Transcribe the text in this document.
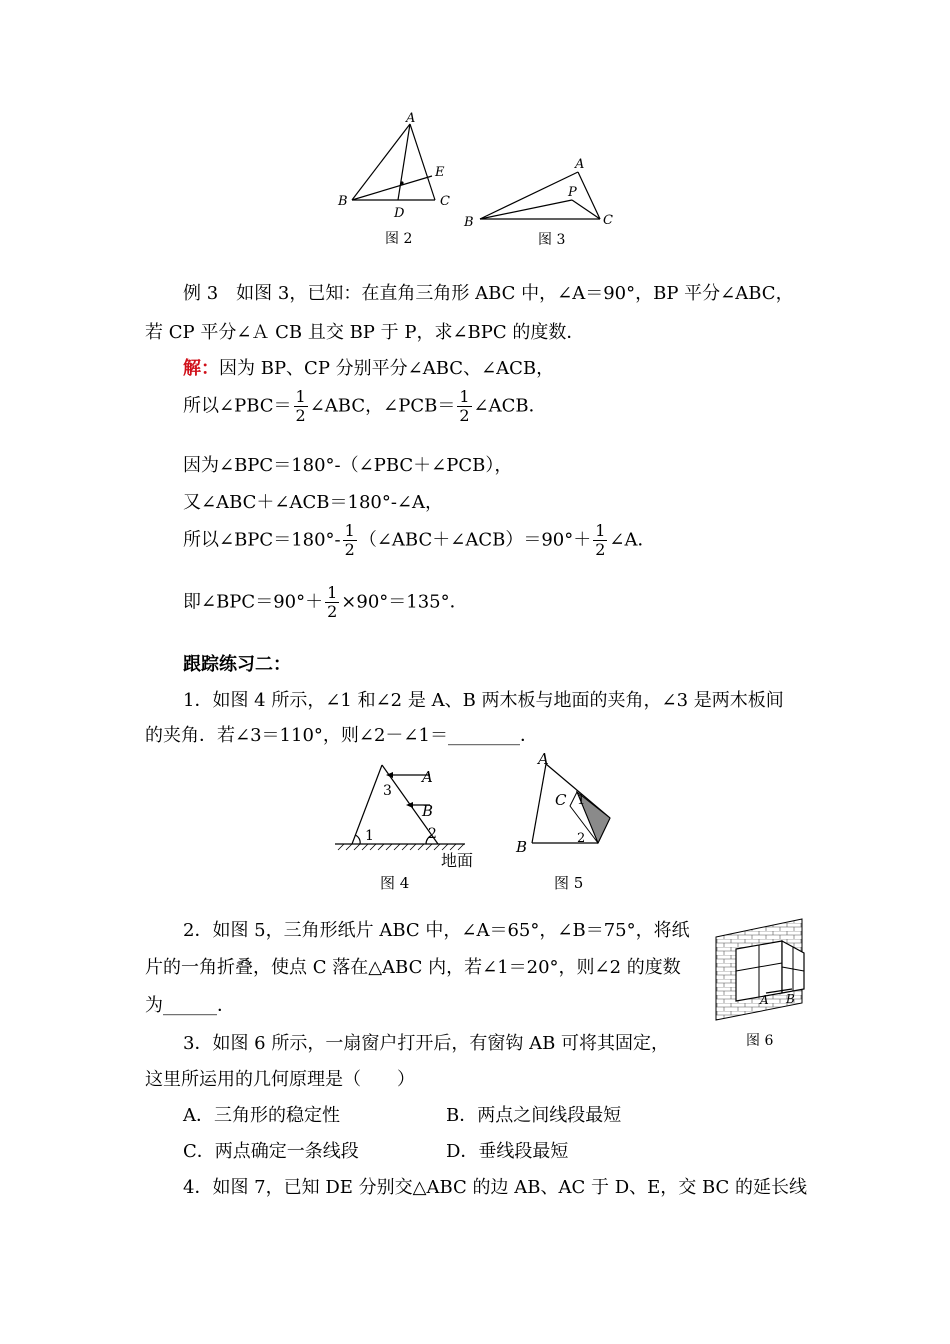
A
B	C
D
E
图 2
A
P
B	C
图 3
例 3　如图 3，已知：在直角三角形 ABC 中，∠A＝90°，BP 平分∠ABC，
若 CP 平分∠Ａ CB 且交 BP 于 P，求∠BPC 的度数．
解：因为 BP、CP 分别平分∠ABC、∠ACB，
所以∠PBC＝ $\frac{1}{2}$ ∠ABC，∠PCB＝ $\frac{1}{2}$ ∠ACB．
因为∠BPC＝180°-（∠PBC＋∠PCB），
又∠ABC＋∠ACB＝180°-∠A，
所以∠BPC＝180°- $\frac{1}{2}$ （∠ABC＋∠ACB）＝90°＋ $\frac{1}{2}$ ∠A．
即∠BPC＝90°＋ $\frac{1}{2} \times 90^\circ=135^\circ$．
跟踪练习二：
1．如图 4 所示，∠1 和∠2 是 A、B 两木板与地面的夹角，∠3 是两木板间
的夹角．若∠3＝110°，则∠2－∠1＝________．
A
B
3
1	2
地面
图 4
A
C 1
2
B
图 5
2．如图 5，三角形纸片 ABC 中，∠A＝65°，∠B＝75°，将纸
片的一角折叠，使点 C 落在△ABC 内，若∠1＝20°，则∠2 的度数
为______．	A B
图 6
3．如图 6 所示，一扇窗户打开后，有窗钩 AB 可将其固定，
这里所运用的几何原理是（　　）
A．三角形的稳定性	B．两点之间线段最短
C．两点确定一条线段	D．垂线段最短
4．如图 7，已知 DE 分别交△ABC 的边 AB、AC 于 D、E，交 BC 的延长线
